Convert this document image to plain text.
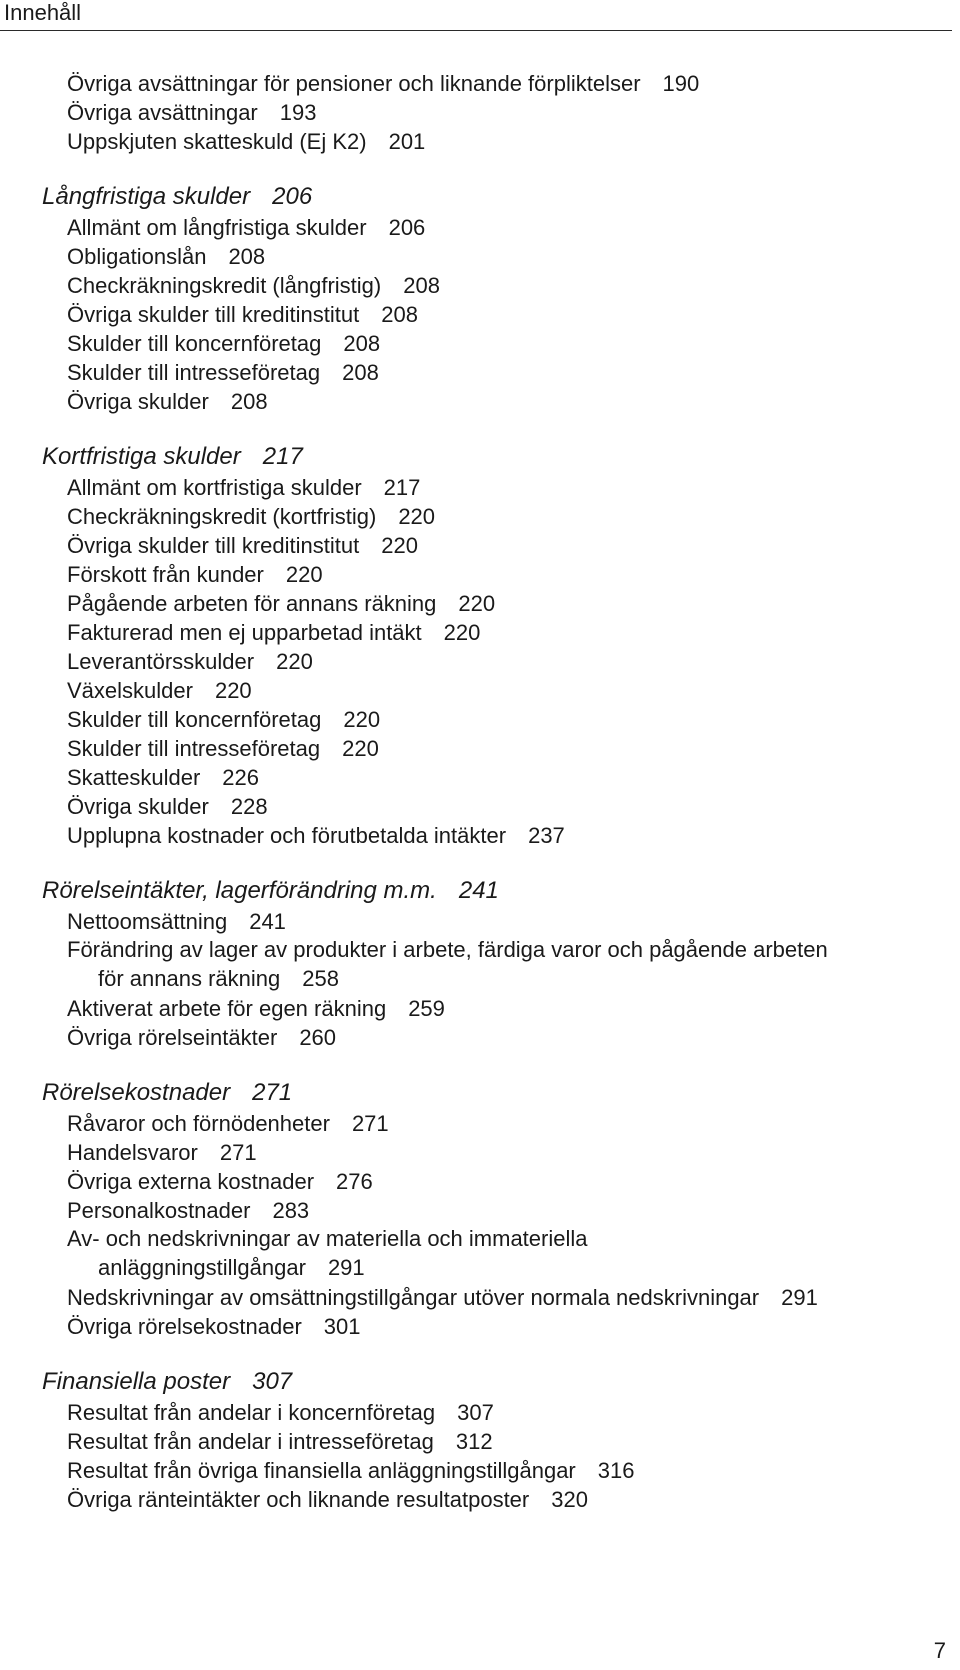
Innehåll
Övriga avsättningar för pensioner och liknande förpliktelser 190
Övriga avsättningar 193
Uppskjuten skatteskuld (Ej K2) 201
Långfristiga skulder 206
Allmänt om långfristiga skulder 206
Obligationslån 208
Checkräkningskredit (långfristig) 208
Övriga skulder till kreditinstitut 208
Skulder till koncernföretag 208
Skulder till intresseföretag 208
Övriga skulder 208
Kortfristiga skulder 217
Allmänt om kortfristiga skulder 217
Checkräkningskredit (kortfristig) 220
Övriga skulder till kreditinstitut 220
Förskott från kunder 220
Pågående arbeten för annans räkning 220
Fakturerad men ej upparbetad intäkt 220
Leverantörsskulder 220
Växelskulder 220
Skulder till koncernföretag 220
Skulder till intresseföretag 220
Skatteskulder 226
Övriga skulder 228
Upplupna kostnader och förutbetalda intäkter 237
Rörelseintäkter, lagerförändring m.m. 241
Nettoomsättning 241
Förändring av lager av produkter i arbete, färdiga varor och pågående arbeten
för annans räkning 258
Aktiverat arbete för egen räkning 259
Övriga rörelseintäkter 260
Rörelsekostnader 271
Råvaror och förnödenheter 271
Handelsvaror 271
Övriga externa kostnader 276
Personalkostnader 283
Av- och nedskrivningar av materiella och immateriella
anläggningstillgångar 291
Nedskrivningar av omsättningstillgångar utöver normala nedskrivningar 291
Övriga rörelsekostnader 301
Finansiella poster 307
Resultat från andelar i koncernföretag 307
Resultat från andelar i intresseföretag 312
Resultat från övriga finansiella anläggningstillgångar 316
Övriga ränteintäkter och liknande resultatposter 320
7
